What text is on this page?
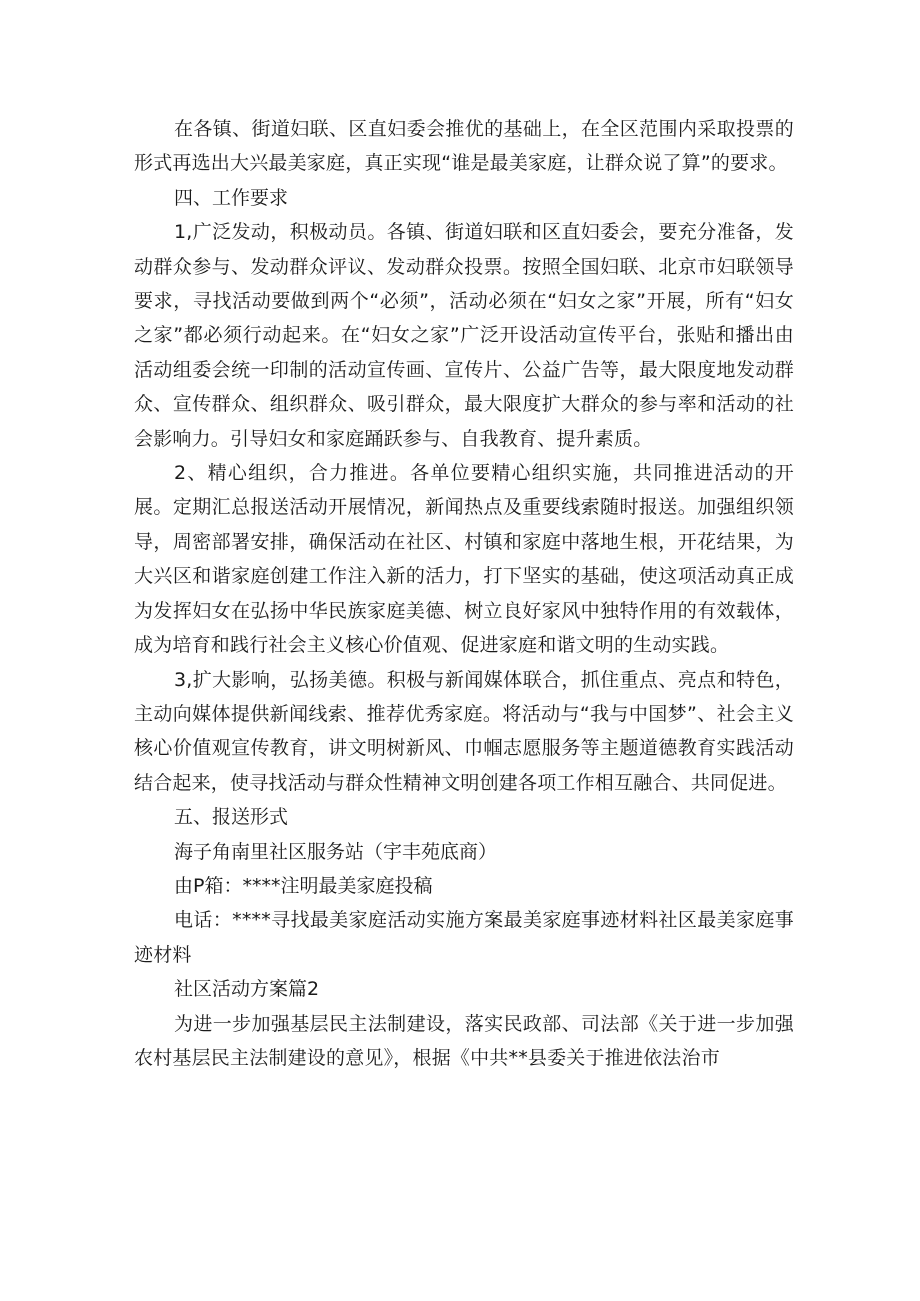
在各镇、街道妇联、区直妇委会推优的基础上，在全区范围内采取投票的形式再选出大兴最美家庭，真正实现“谁是最美家庭，让群众说了算”的要求。

四、工作要求

1,广泛发动，积极动员。各镇、街道妇联和区直妇委会，要充分准备，发动群众参与、发动群众评议、发动群众投票。按照全国妇联、北京市妇联领导要求，寻找活动要做到两个“必须”，活动必须在“妇女之家”开展，所有“妇女之家”都必须行动起来。在“妇女之家”广泛开设活动宣传平台，张贴和播出由活动组委会统一印制的活动宣传画、宣传片、公益广告等，最大限度地发动群众、宣传群众、组织群众、吸引群众，最大限度扩大群众的参与率和活动的社会影响力。引导妇女和家庭踊跃参与、自我教育、提升素质。

2、精心组织，合力推进。各单位要精心组织实施，共同推进活动的开展。定期汇总报送活动开展情况，新闻热点及重要线索随时报送。加强组织领导，周密部署安排，确保活动在社区、村镇和家庭中落地生根，开花结果，为大兴区和谐家庭创建工作注入新的活力，打下坚实的基础，使这项活动真正成为发挥妇女在弘扬中华民族家庭美德、树立良好家风中独特作用的有效载体，成为培育和践行社会主义核心价值观、促进家庭和谐文明的生动实践。

3,扩大影响，弘扬美德。积极与新闻媒体联合，抓住重点、亮点和特色，主动向媒体提供新闻线索、推荐优秀家庭。将活动与“我与中国梦”、社会主义核心价值观宣传教育，讲文明树新风、巾帼志愿服务等主题道德教育实践活动结合起来，使寻找活动与群众性精神文明创建各项工作相互融合、共同促进。

五、报送形式

海子角南里社区服务站（宇丰苑底商）

由P箱：****注明最美家庭投稿

电话：****寻找最美家庭活动实施方案最美家庭事迹材料社区最美家庭事迹材料

社区活动方案篇2

为进一步加强基层民主法制建设，落实民政部、司法部《关于进一步加强农村基层民主法制建设的意见》，根据《中共**县委关于推进依法治市
